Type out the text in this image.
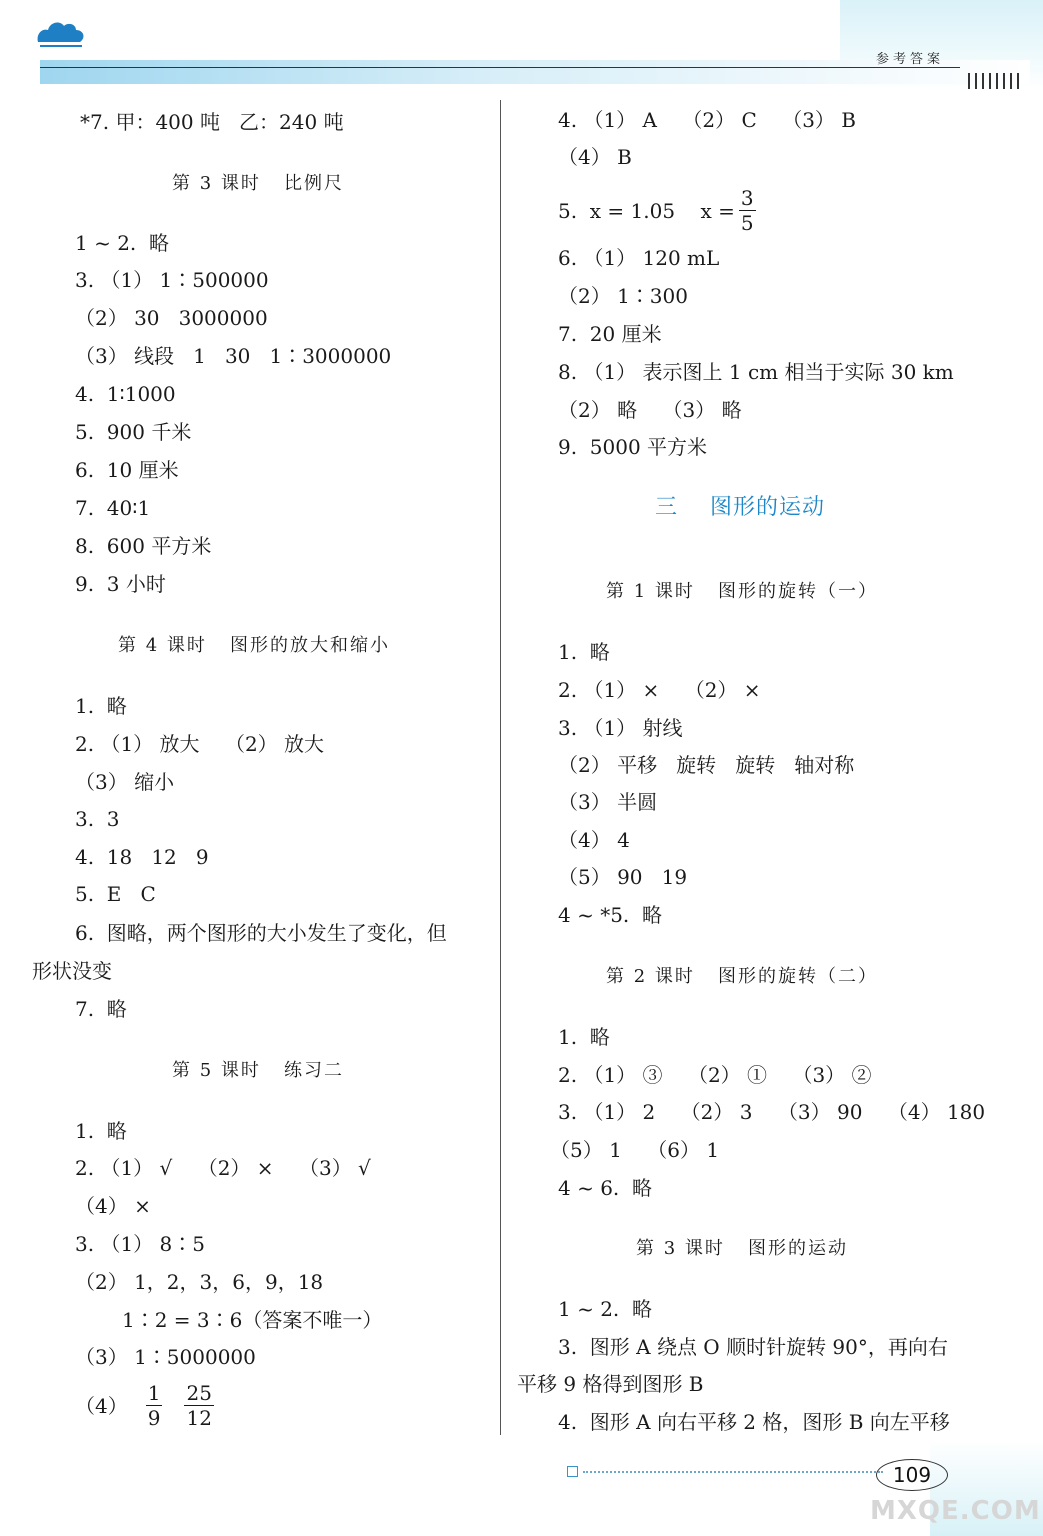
参考答案
*7. 甲：400 吨   乙：240 吨
第 3 课时   比例尺
1 ~ 2.  略
3. （1） 1∶500000
（2） 30   3000000
（3） 线段   1   30   1∶3000000
4.  1∶1000
5.  900 千米
6.  10 厘米
7.  40∶1
8.  600 平方米
9.  3 小时
第 4 课时   图形的放大和缩小
1.  略
2. （1） 放大    （2） 放大
（3） 缩小
3.  3
4.  18   12   9
5.  E   C
6.  图略，两个图形的大小发生了变化，但
形状没变
7.  略
第 5 课时   练习二
1.  略
2. （1） √    （2） ×    （3） √
（4） ×
3. （1） 8∶5
（2） 1，2，3，6，9，18
1∶2 = 3∶6（答案不唯一）
（3） 1∶5000000
$(4) \frac{1}{9} \frac{25}{12}$
4. （1） A    （2） C    （3） B
（4） B
5.  x = 1.05    $x = \frac{3}{5}$
6. （1） 120 mL
（2） 1∶300
7.  20 厘米
8. （1） 表示图上 1 cm 相当于实际 30 km
（2） 略    （3） 略
9.  5000 平方米
三    图形的运动
第 1 课时   图形的旋转（一）
1.  略
2. （1） ×    （2） ×
3. （1） 射线
（2） 平移   旋转   旋转   轴对称
（3） 半圆
（4） 4
（5） 90   19
4 ~ *5.  略
第 2 课时   图形的旋转（二）
1.  略
2. （1） ③    （2） ①    （3） ②
3. （1） 2    （2） 3    （3） 90    （4） 180
（5） 1    （6） 1
4 ~ 6.  略
第 3 课时   图形的运动
1 ~ 2.  略
3.  图形 A 绕点 O 顺时针旋转 90°，再向右
平移 9 格得到图形 B
4.  图形 A 向右平移 2 格，图形 B 向左平移
109
MXQE.COM
